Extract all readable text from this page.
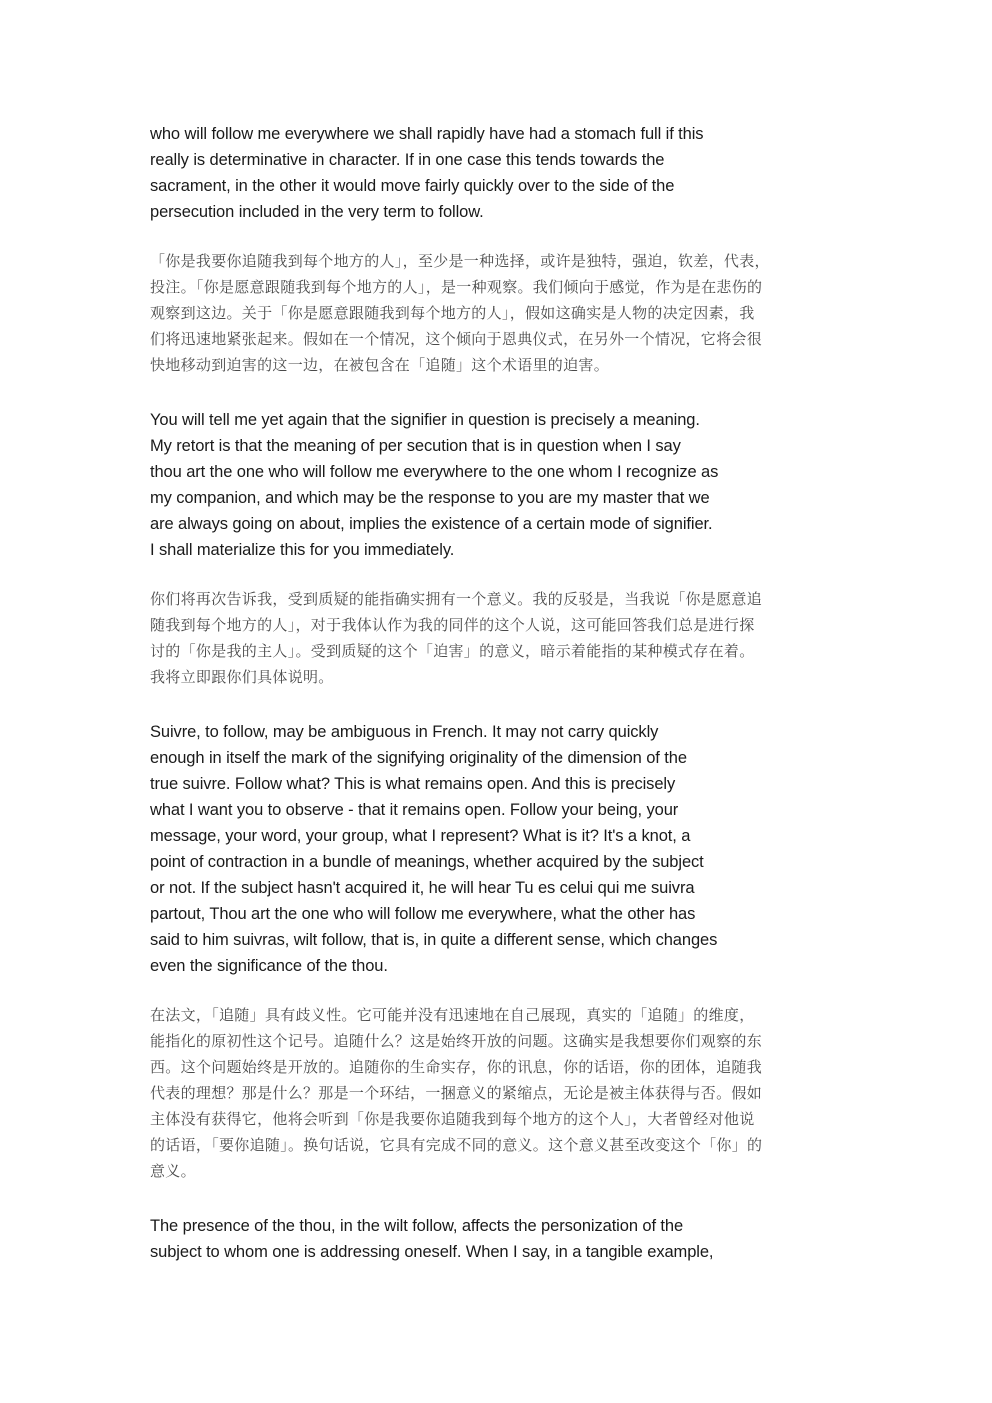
who will follow me everywhere we shall rapidly have had a stomach full if this
really is determinative in character. If in one case this tends towards the
sacrament, in the other it would move fairly quickly over to the side of the
persecution included in the very term to follow.
「你是我要你追随我到每个地方的人」，至少是一种选择，或许是独特，强迫，钦差，代表，
投注。「你是愿意跟随我到每个地方的人」，是一种观察。我们倾向于感觉，作为是在悲伤的
观察到这边。关于「你是愿意跟随我到每个地方的人」，假如这确实是人物的决定因素，我
们将迅速地紧张起来。假如在一个情况，这个倾向于恩典仪式，在另外一个情况，它将会很
快地移动到迫害的这一边，在被包含在「追随」这个术语里的迫害。
You will tell me yet again that the signifier in question is precisely a meaning.
My retort is that the meaning of per secution that is in question when I say
thou art the one who will follow me everywhere to the one whom I recognize as
my companion, and which may be the response to you are my master that we
are always going on about, implies the existence of a certain mode of signifier.
I shall materialize this for you immediately.
你们将再次告诉我，受到质疑的能指确实拥有一个意义。我的反驳是，当我说「你是愿意追
随我到每个地方的人」，对于我体认作为我的同伴的这个人说，这可能回答我们总是进行探
讨的「你是我的主人」。受到质疑的这个「迫害」的意义，暗示着能指的某种模式存在着。
我将立即跟你们具体说明。
Suivre, to follow, may be ambiguous in French. It may not carry quickly
enough in itself the mark of the signifying originality of the dimension of the
true suivre. Follow what? This is what remains open. And this is precisely
what I want you to observe - that it remains open. Follow your being, your
message, your word, your group, what I represent? What is it? It's a knot, a
point of contraction in a bundle of meanings, whether acquired by the subject
or not. If the subject hasn't acquired it, he will hear Tu es celui qui me suivra
partout, Thou art the one who will follow me everywhere, what the other has
said to him suivras, wilt follow, that is, in quite a different sense, which changes
even the significance of the thou.
在法文，「追随」具有歧义性。它可能并没有迅速地在自己展现，真实的「追随」的维度，
能指化的原初性这个记号。追随什么？这是始终开放的问题。这确实是我想要你们观察的东
西。这个问题始终是开放的。追随你的生命实存，你的讯息，你的话语，你的团体，追随我
代表的理想？那是什么？那是一个环结，一捆意义的紧缩点，无论是被主体获得与否。假如
主体没有获得它，他将会听到「你是我要你追随我到每个地方的这个人」，大者曾经对他说
的话语，「要你追随」。换句话说，它具有完成不同的意义。这个意义甚至改变这个「你」的
意义。
The presence of the thou, in the wilt follow, affects the personization of the
subject to whom one is addressing oneself. When I say, in a tangible example,
